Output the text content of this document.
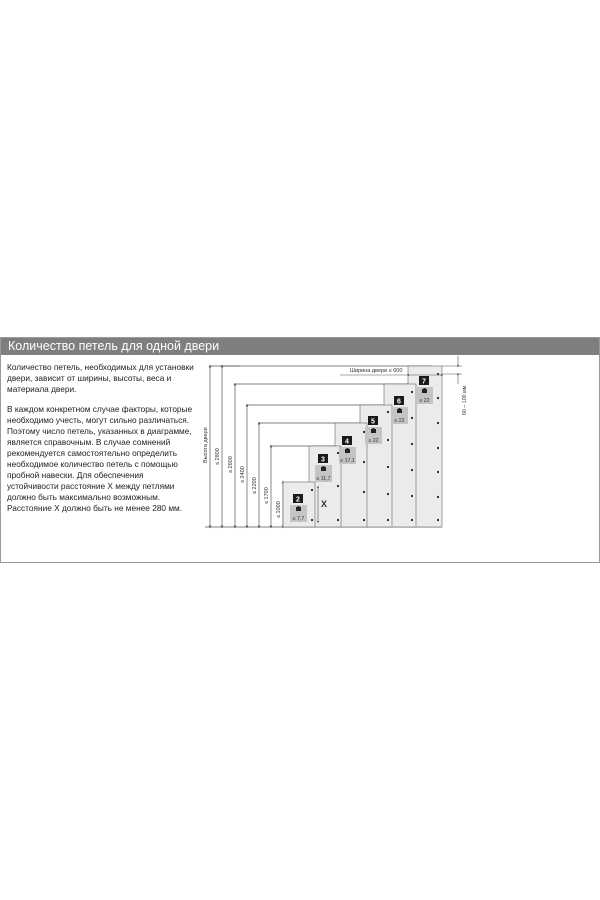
Количество петель для одной двери

Количество петель, необходимых для установки двери, зависит от ширины, высоты, веса и материала двери.

В каждом конкретном случае факторы, которые необходимо учесть, могут сильно различаться. Поэтому число петель, указанных в диаграмме, является справочным. В случае сомнений рекомендуется самостоятельно определить необходимое количество петель с помощью пробной навески. Для обеспечения устойчивости расстояние Х между петлями должно быть максимально возможным. Расстояние Х должно быть не менее 280 мм.

Высота двери ≤ 2800 ≤ 2600
≤ 2400
≤ 2200
≤ 1700
≤ 1000	X
2
≤ 7,7
3
≤ 11,7
4
≤ 17,1
5
≤ 22
6
≤ 22
7
≤ 22
Ширина двери ≤ 600
60 – 100 мм
